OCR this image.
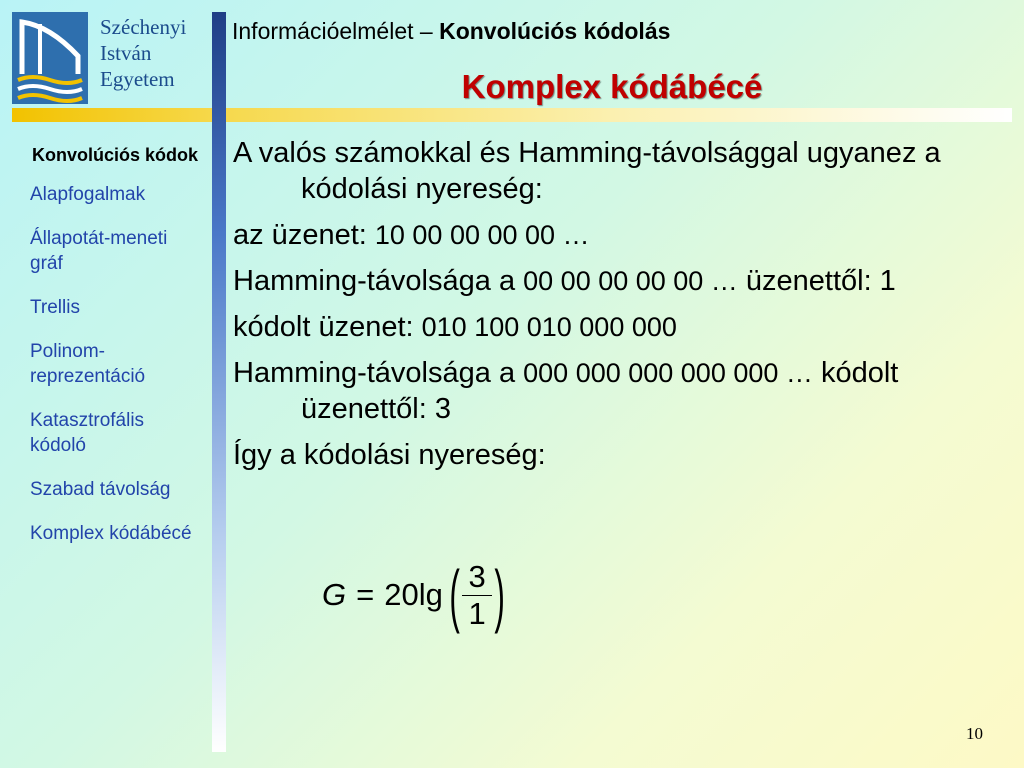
Széchenyi
István
Egyetem
Információelmélet – Konvolúciós kódolás
Komplex kódábécé
Konvolúciós kódok
Alapfogalmak
Állapotát-meneti gráf
Trellis
Polinom-reprezentáció
Katasztrofális kódoló
Szabad távolság
Komplex kódábécé
A valós számokkal és Hamming-távolsággal ugyanez a kódolási nyereség:
az üzenet: 10 00 00 00 00 …
Hamming-távolsága a 00 00 00 00 00 … üzenettől: 1
kódolt üzenet: 010 100 010 000 000
Hamming-távolsága a 000 000 000 000 000 … kódolt üzenettől: 3
Így a kódolási nyereség:
G = 20lg ( $\frac{3}{1}$ )
10
